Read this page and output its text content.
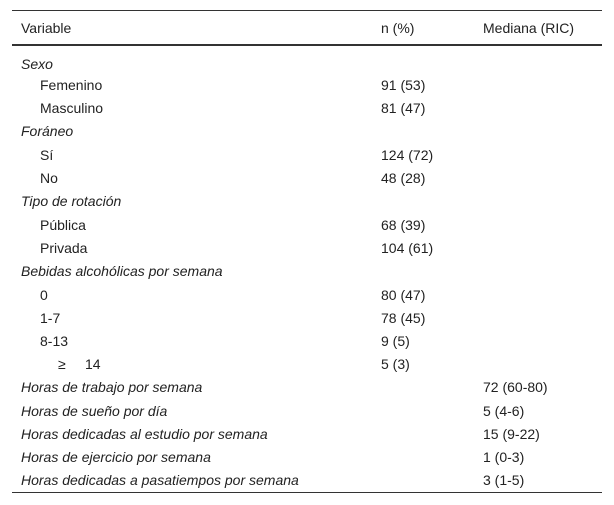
Variable	n (%)	Mediana (RIC)
Sexo		
Femenino	91 (53)	
Masculino	81 (47)	
Foráneo		
Sí	124 (72)	
No	48 (28)	
Tipo de rotación		
Pública	68 (39)	
Privada	104 (61)	
Bebidas alcohólicas por semana		
0	80 (47)	
1-7	78 (45)	
8-13	9 (5)	
≥ 14	5 (3)	
Horas de trabajo por semana		72 (60-80)
Horas de sueño por día		5 (4-6)
Horas dedicadas al estudio por semana		15 (9-22)
Horas de ejercicio por semana		1 (0-3)
Horas dedicadas a pasatiempos por semana		3 (1-5)
